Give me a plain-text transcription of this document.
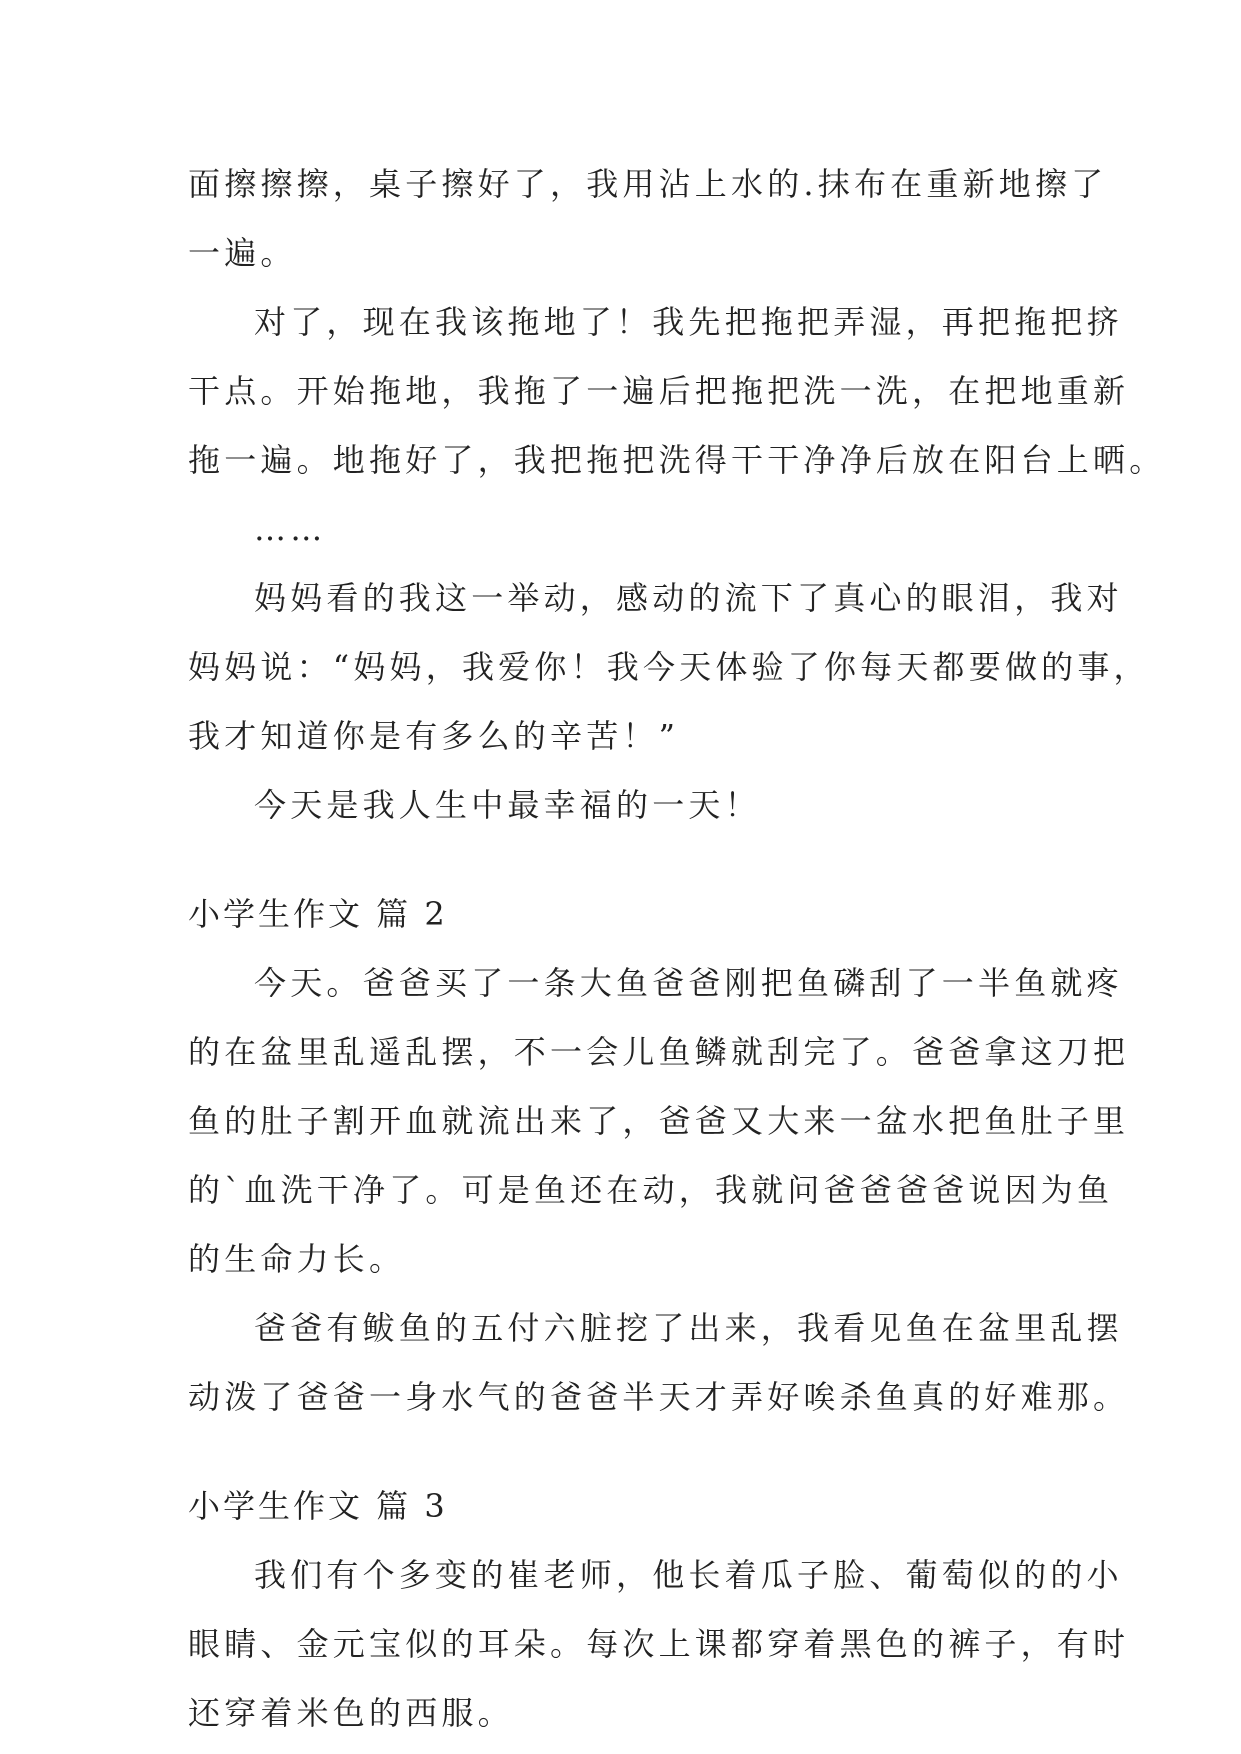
面擦擦擦，桌子擦好了，我用沾上水的.抹布在重新地擦了
一遍。
对了，现在我该拖地了！我先把拖把弄湿，再把拖把挤
干点。开始拖地，我拖了一遍后把拖把洗一洗，在把地重新
拖一遍。地拖好了，我把拖把洗得干干净净后放在阳台上晒。
……
妈妈看的我这一举动，感动的流下了真心的眼泪，我对
妈妈说：“妈妈，我爱你！我今天体验了你每天都要做的事，
我才知道你是有多么的辛苦！”
今天是我人生中最幸福的一天！
小学生作文 篇 2
今天。爸爸买了一条大鱼爸爸刚把鱼磷刮了一半鱼就疼
的在盆里乱遥乱摆，不一会儿鱼鳞就刮完了。爸爸拿这刀把
鱼的肚子割开血就流出来了，爸爸又大来一盆水把鱼肚子里
的`血洗干净了。可是鱼还在动，我就问爸爸爸爸说因为鱼
的生命力长。
爸爸有鲅鱼的五付六脏挖了出来，我看见鱼在盆里乱摆
动泼了爸爸一身水气的爸爸半天才弄好唉杀鱼真的好难那。
小学生作文 篇 3
我们有个多变的崔老师，他长着瓜子脸、葡萄似的的小
眼睛、金元宝似的耳朵。每次上课都穿着黑色的裤子，有时
还穿着米色的西服。
